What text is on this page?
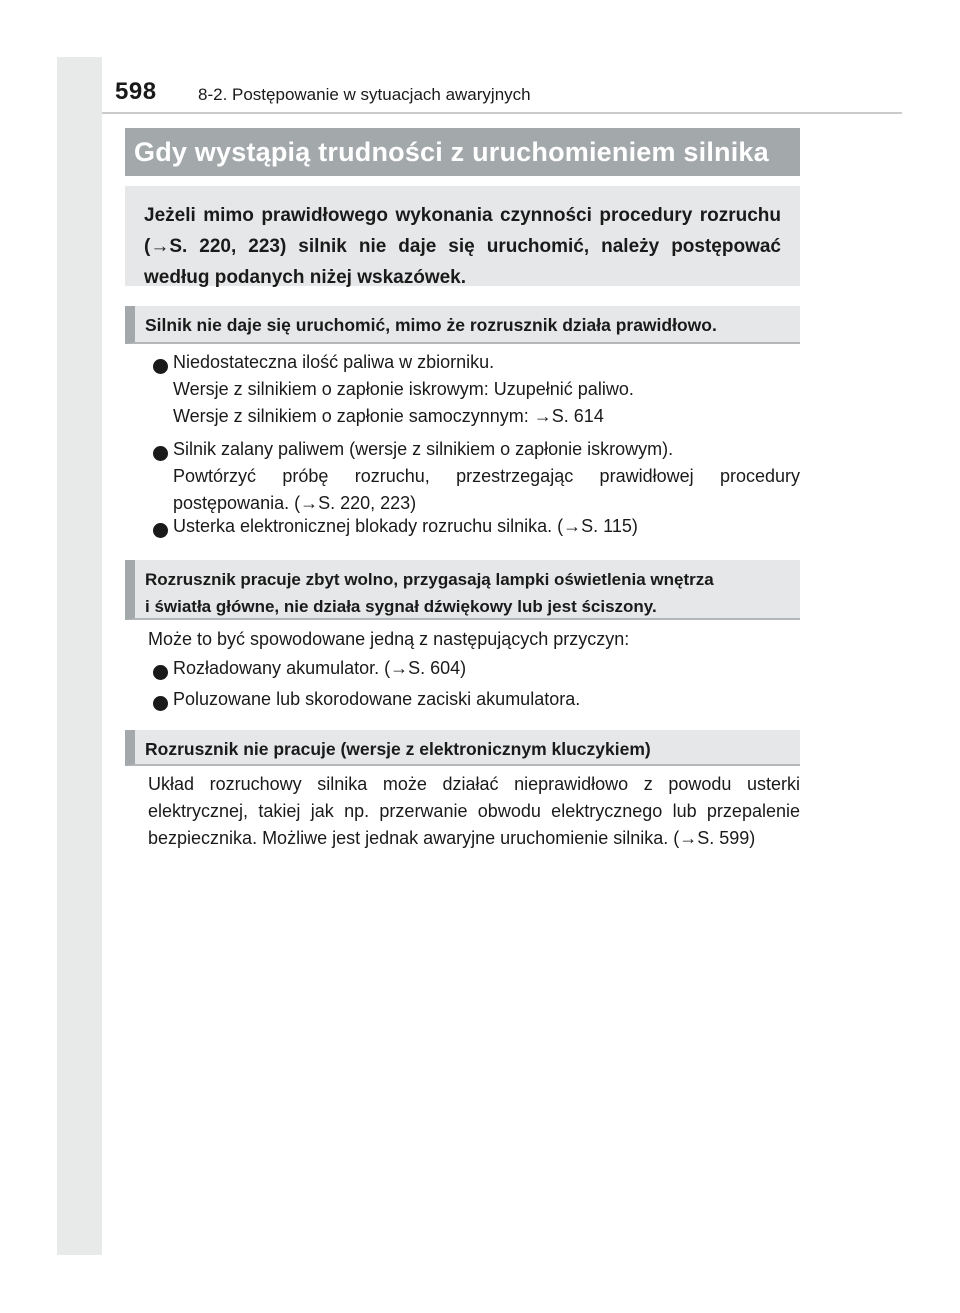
598 8-2. Postępowanie w sytuacjach awaryjnych
Gdy wystąpią trudności z uruchomieniem silnika
Jeżeli mimo prawidłowego wykonania czynności procedury rozruchu (→S. 220, 223) silnik nie daje się uruchomić, należy postępować według podanych niżej wskazówek.
Silnik nie daje się uruchomić, mimo że rozrusznik działa prawidłowo.
Niedostateczna ilość paliwa w zbiorniku.
Wersje z silnikiem o zapłonie iskrowym: Uzupełnić paliwo.
Wersje z silnikiem o zapłonie samoczynnym: →S. 614
Silnik zalany paliwem (wersje z silnikiem o zapłonie iskrowym).
Powtórzyć próbę rozruchu, przestrzegając prawidłowej procedury postępowania. (→S. 220, 223)
Usterka elektronicznej blokady rozruchu silnika. (→S. 115)
Rozrusznik pracuje zbyt wolno, przygasają lampki oświetlenia wnętrza
i światła główne, nie działa sygnał dźwiękowy lub jest ściszony.
Może to być spowodowane jedną z następujących przyczyn:
Rozładowany akumulator. (→S. 604)
Poluzowane lub skorodowane zaciski akumulatora.
Rozrusznik nie pracuje (wersje z elektronicznym kluczykiem)
Układ rozruchowy silnika może działać nieprawidłowo z powodu usterki elektrycznej, takiej jak np. przerwanie obwodu elektrycznego lub przepalenie bezpiecznika. Możliwe jest jednak awaryjne uruchomienie silnika. (→S. 599)
